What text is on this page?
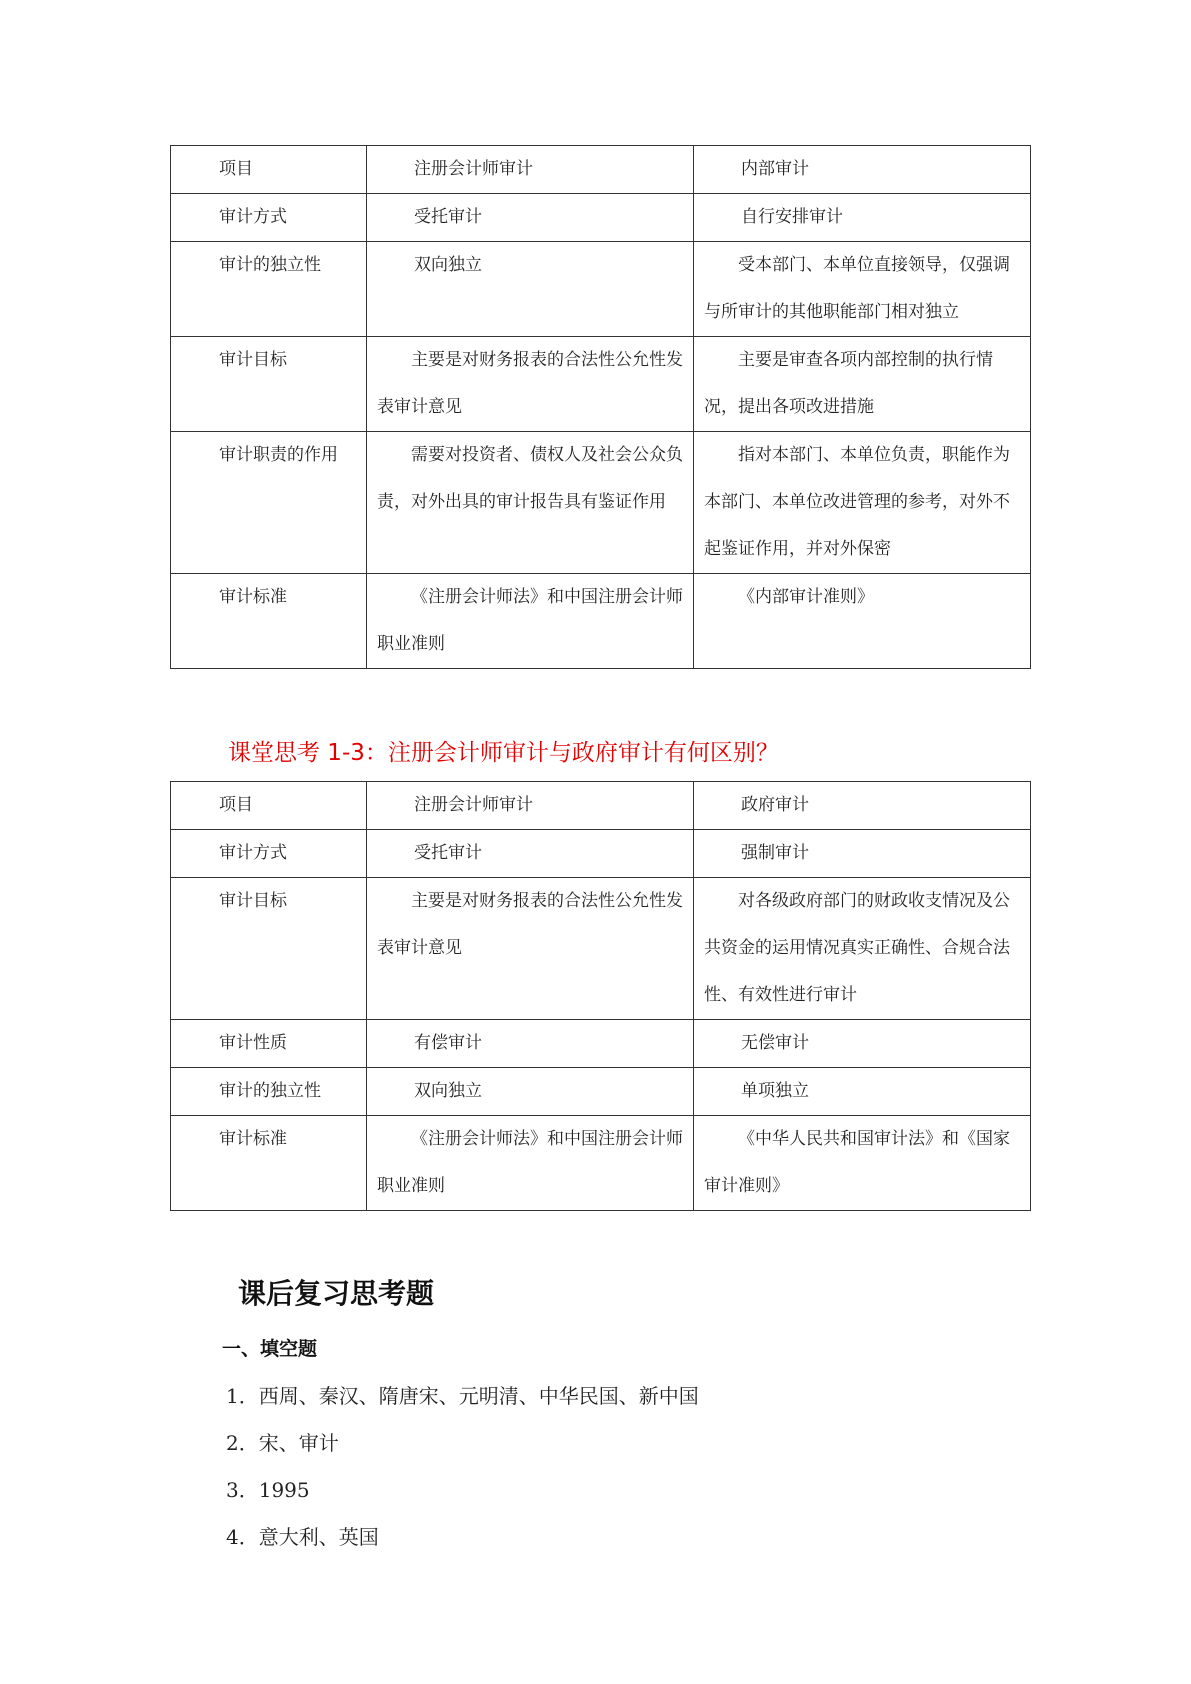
项目	注册会计师审计	内部审计
审计方式	受托审计	自行安排审计
审计的独立性	双向独立	受本部门、本单位直接领导，仅强调与所审计的其他职能部门相对独立
审计目标	主要是对财务报表的合法性公允性发表审计意见	主要是审查各项内部控制的执行情况，提出各项改进措施
审计职责的作用	需要对投资者、债权人及社会公众负责，对外出具的审计报告具有鉴证作用	指对本部门、本单位负责，职能作为本部门、本单位改进管理的参考，对外不起鉴证作用，并对外保密
审计标准	《注册会计师法》和中国注册会计师职业准则	《内部审计准则》
课堂思考 1-3：注册会计师审计与政府审计有何区别？
项目	注册会计师审计	政府审计
审计方式	受托审计	强制审计
审计目标	主要是对财务报表的合法性公允性发表审计意见	对各级政府部门的财政收支情况及公共资金的运用情况真实正确性、合规合法性、有效性进行审计
审计性质	有偿审计	无偿审计
审计的独立性	双向独立	单项独立
审计标准	《注册会计师法》和中国注册会计师职业准则	《中华人民共和国审计法》和《国家审计准则》
课后复习思考题
一、填空题
1．西周、秦汉、隋唐宋、元明清、中华民国、新中国
2．宋、审计
3．1995
4．意大利、英国
